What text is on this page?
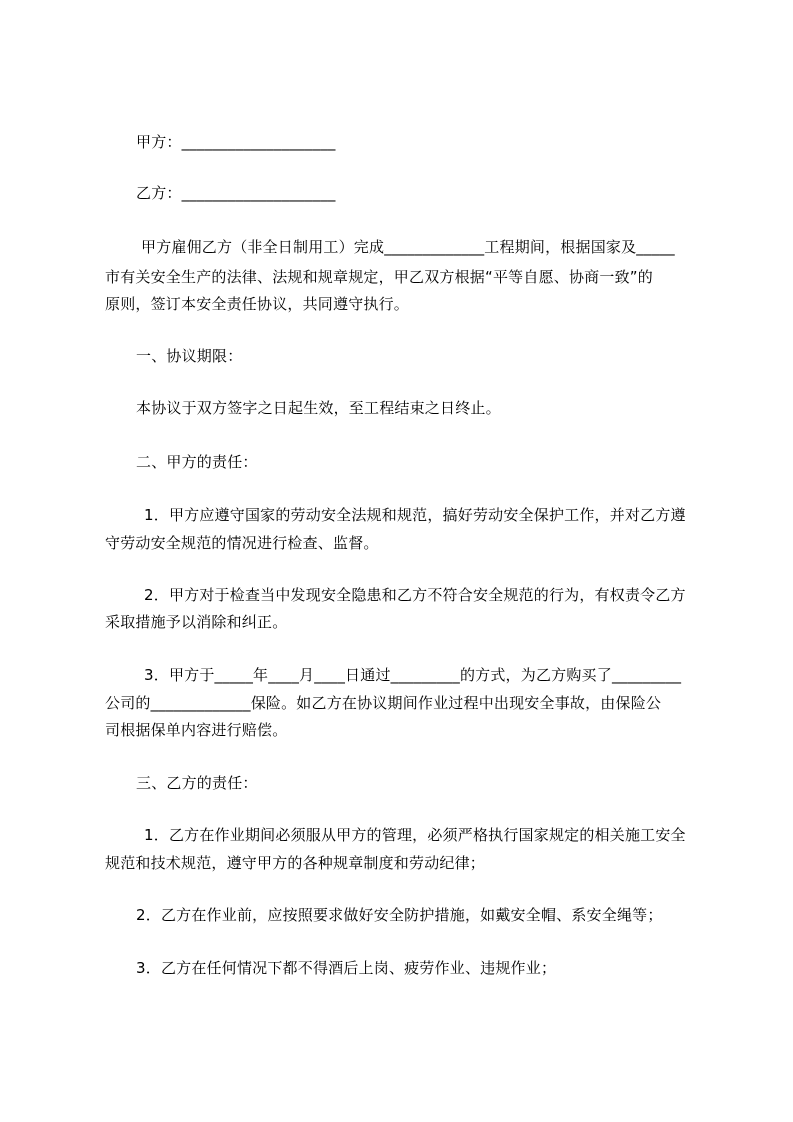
甲方：____________________
乙方：____________________
甲方雇佣乙方（非全日制用工）完成_____________工程期间，根据国家及_____
市有关安全生产的法律、法规和规章规定，甲乙双方根据“平等自愿、协商一致”的
原则，签订本安全责任协议，共同遵守执行。
一、协议期限：
本协议于双方签字之日起生效，至工程结束之日终止。
二、甲方的责任：
1．甲方应遵守国家的劳动安全法规和规范，搞好劳动安全保护工作，并对乙方遵
守劳动安全规范的情况进行检查、监督。
2．甲方对于检查当中发现安全隐患和乙方不符合安全规范的行为，有权责令乙方
采取措施予以消除和纠正。
3．甲方于_____年____月____日通过_________的方式，为乙方购买了_________
公司的_____________保险。如乙方在协议期间作业过程中出现安全事故，由保险公
司根据保单内容进行赔偿。
三、乙方的责任：
1．乙方在作业期间必须服从甲方的管理，必须严格执行国家规定的相关施工安全
规范和技术规范，遵守甲方的各种规章制度和劳动纪律；
2．乙方在作业前，应按照要求做好安全防护措施，如戴安全帽、系安全绳等；
3．乙方在任何情况下都不得酒后上岗、疲劳作业、违规作业；
